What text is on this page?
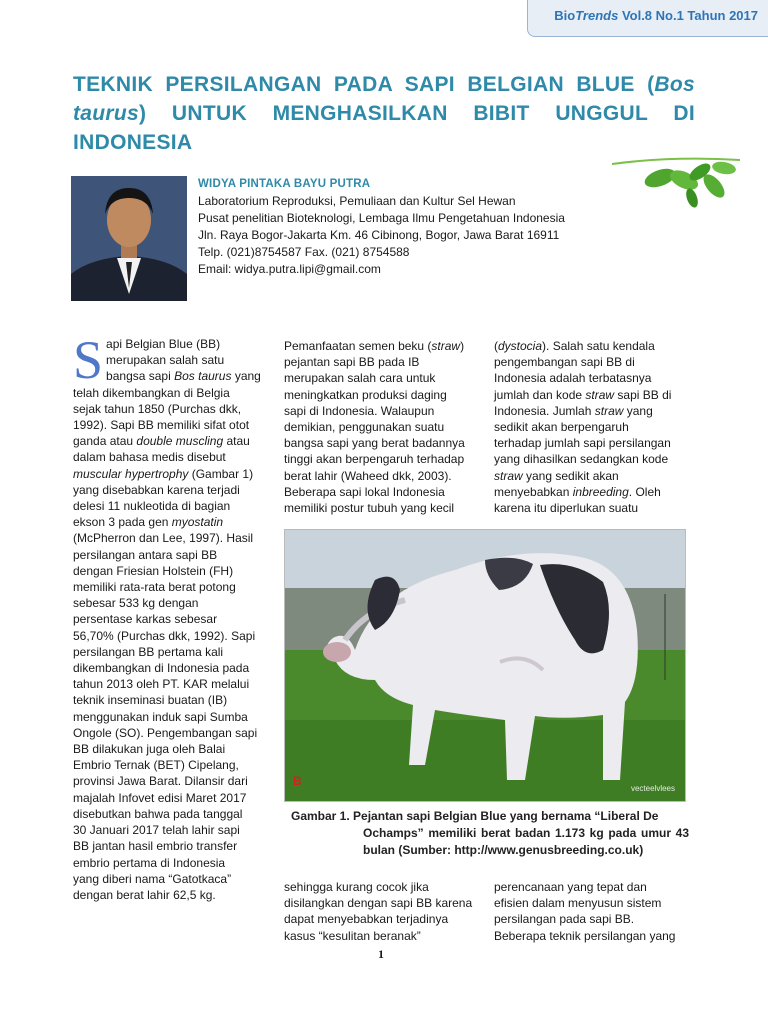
BioTrends Vol.8 No.1 Tahun 2017
TEKNIK PERSILANGAN PADA SAPI BELGIAN BLUE (Bos taurus) UNTUK MENGHASILKAN BIBIT UNGGUL DI INDONESIA
WIDYA PINTAKA BAYU PUTRA
Laboratorium Reproduksi, Pemuliaan dan Kultur Sel Hewan
Pusat penelitian Bioteknologi, Lembaga Ilmu Pengetahuan Indonesia
Jln. Raya Bogor-Jakarta Km. 46 Cibinong, Bogor, Jawa Barat 16911
Telp. (021)8754587 Fax. (021) 8754588
Email: widya.putra.lipi@gmail.com
S api Belgian Blue (BB)
merupakan salah satu
bangsa sapi Bos taurus yang
telah dikembangkan di Belgia
sejak tahun 1850 (Purchas dkk,
1992). Sapi BB memiliki sifat otot
ganda atau double muscling atau
dalam bahasa medis disebut
muscular hypertrophy (Gambar 1)
yang disebabkan karena terjadi
delesi 11 nukleotida di bagian
ekson 3 pada gen myostatin
(McPherron dan Lee, 1997). Hasil
persilangan antara sapi BB
dengan Friesian Holstein (FH)
memiliki rata-rata berat potong
sebesar 533 kg dengan
persentase karkas sebesar
56,70% (Purchas dkk, 1992). Sapi
persilangan BB pertama kali
dikembangkan di Indonesia pada
tahun 2013 oleh PT. KAR melalui
teknik inseminasi buatan (IB)
menggunakan induk sapi Sumba
Ongole (SO). Pengembangan sapi
BB dilakukan juga oleh Balai
Embrio Ternak (BET) Cipelang,
provinsi Jawa Barat. Dilansir dari
majalah Infovet edisi Maret 2017
disebutkan bahwa pada tanggal
30 Januari 2017 telah lahir sapi
BB jantan hasil embrio transfer
embrio pertama di Indonesia
yang diberi nama “Gatotkaca”
dengan berat lahir 62,5 kg.

Pemanfaatan semen beku (straw)
pejantan sapi BB pada IB
merupakan salah cara untuk
meningkatkan produksi daging
sapi di Indonesia. Walaupun
demikian, penggunakan suatu
bangsa sapi yang berat badannya
tinggi akan berpengaruh terhadap
berat lahir (Waheed dkk, 2003).
Beberapa sapi lokal Indonesia
memiliki postur tubuh yang kecil

(dystocia). Salah satu kendala
pengembangan sapi BB di
Indonesia adalah terbatasnya
jumlah dan kode straw sapi BB di
Indonesia. Jumlah straw yang
sedikit akan berpengaruh
terhadap jumlah sapi persilangan
yang dihasilkan sedangkan kode
straw yang sedikit akan
menyebabkan inbreeding. Oleh
karena itu diperlukan suatu

B
vecteelvlees
Gambar 1. Pejantan sapi Belgian Blue yang bernama “Liberal De
Ochamps” memiliki berat badan 1.173 kg pada umur 43 bulan (Sumber: http://www.genusbreeding.co.uk)

sehingga kurang cocok jika
disilangkan dengan sapi BB karena
dapat menyebabkan terjadinya
kasus “kesulitan beranak”

perencanaan yang tepat dan
efisien dalam menyusun sistem
persilangan pada sapi BB.
Beberapa teknik persilangan yang

1
